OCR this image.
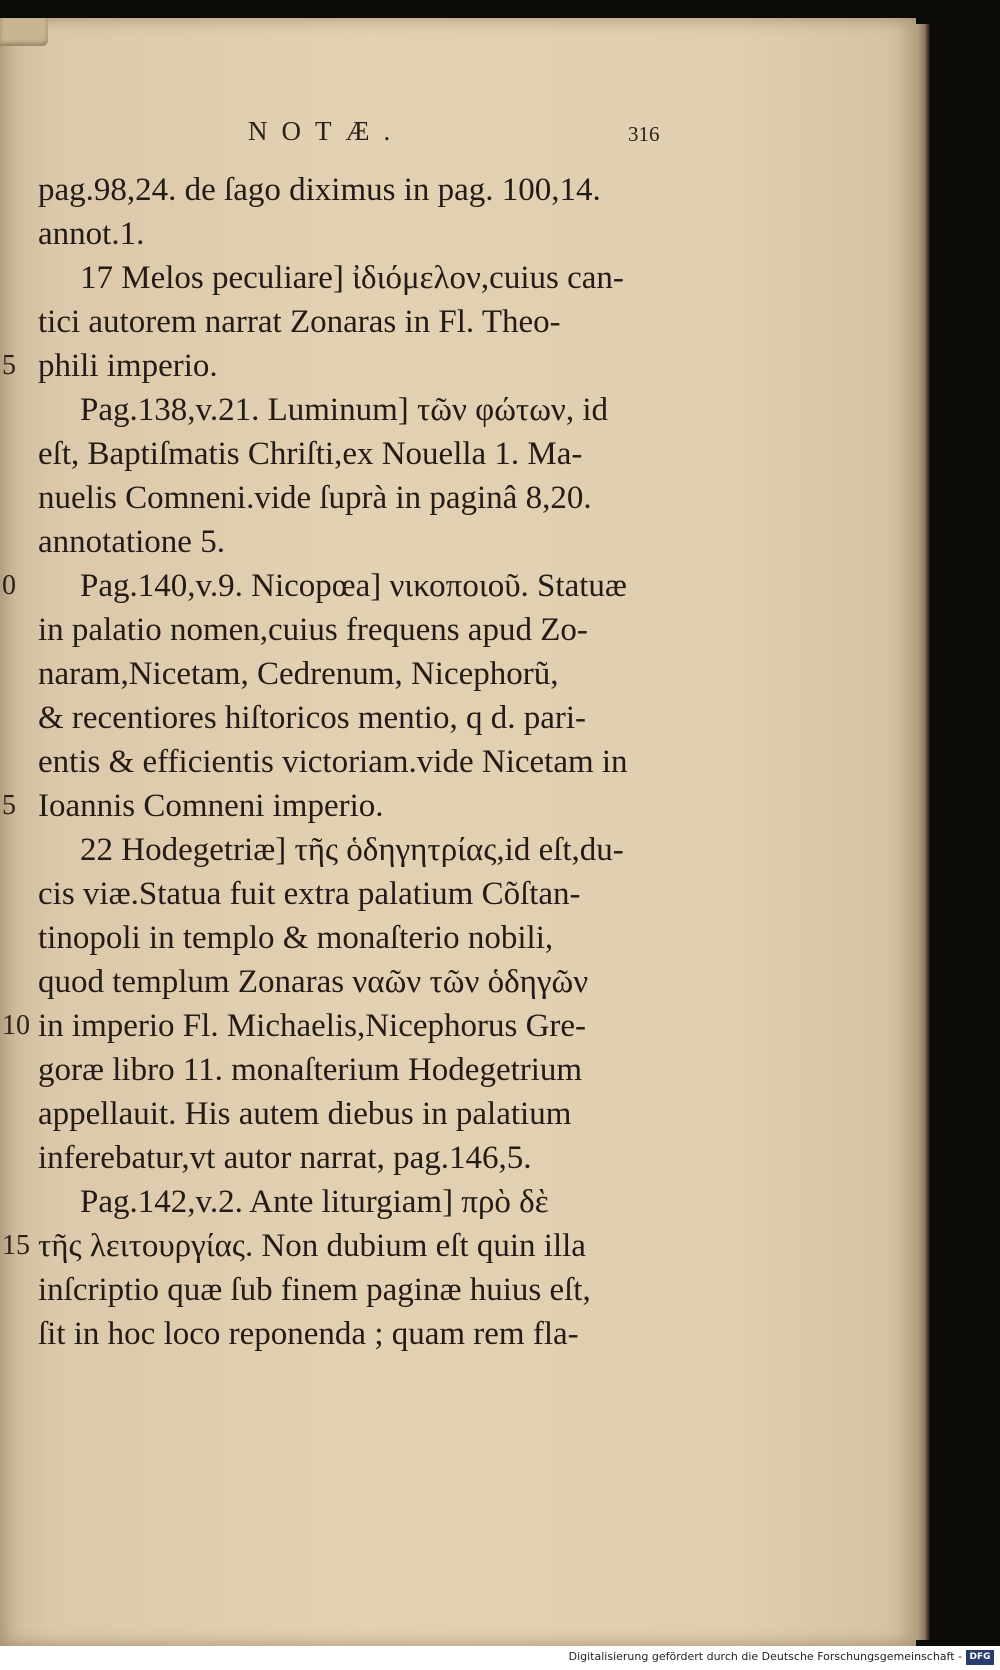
NOTÆ.	316
pag.98,24. de ſago diximus in pag. 100,14.
annot.1.
17 Melos peculiare] ἰδιόμελον,cuius can-
tici autorem narrat Zonaras in Fl. Theo-
5 phili imperio.
Pag.138,v.21. Luminum] τῶν φώτων, id
eſt, Baptiſmatis Chriſti,ex Nouella 1. Ma-
nuelis Comneni.vide ſuprà in paginâ 8,20.
annotatione 5.
0 Pag.140,v.9. Nicopœa] νικοποιοῦ. Statuæ
in palatio nomen,cuius frequens apud Zo-
naram,Nicetam, Cedrenum, Nicephorũ,
& recentiores hiſtoricos mentio, q d. pari-
entis & efficientis victoriam.vide Nicetam in
5 Ioannis Comneni imperio.
22 Hodegetriæ] τῆς ὁδηγητρίας,id eſt,du-
cis viæ.Statua fuit extra palatium Cõſtan-
tinopoli in templo & monaſterio nobili,
quod templum Zonaras ναῶν τῶν ὁδηγῶν
10 in imperio Fl. Michaelis,Nicephorus Gre-
goræ libro 11. monaſterium Hodegetrium
appellauit. His autem diebus in palatium
inferebatur,vt autor narrat, pag.146,5.
Pag.142,v.2. Ante liturgiam] πρὸ δὲ
15 τῆς λειτουργίας. Non dubium eſt quin illa
inſcriptio quæ ſub finem paginæ huius eſt,
ſit in hoc loco reponenda ; quam rem fla-
Digitalisierung gefördert durch die Deutsche Forschungsgemeinschaft - DFG
